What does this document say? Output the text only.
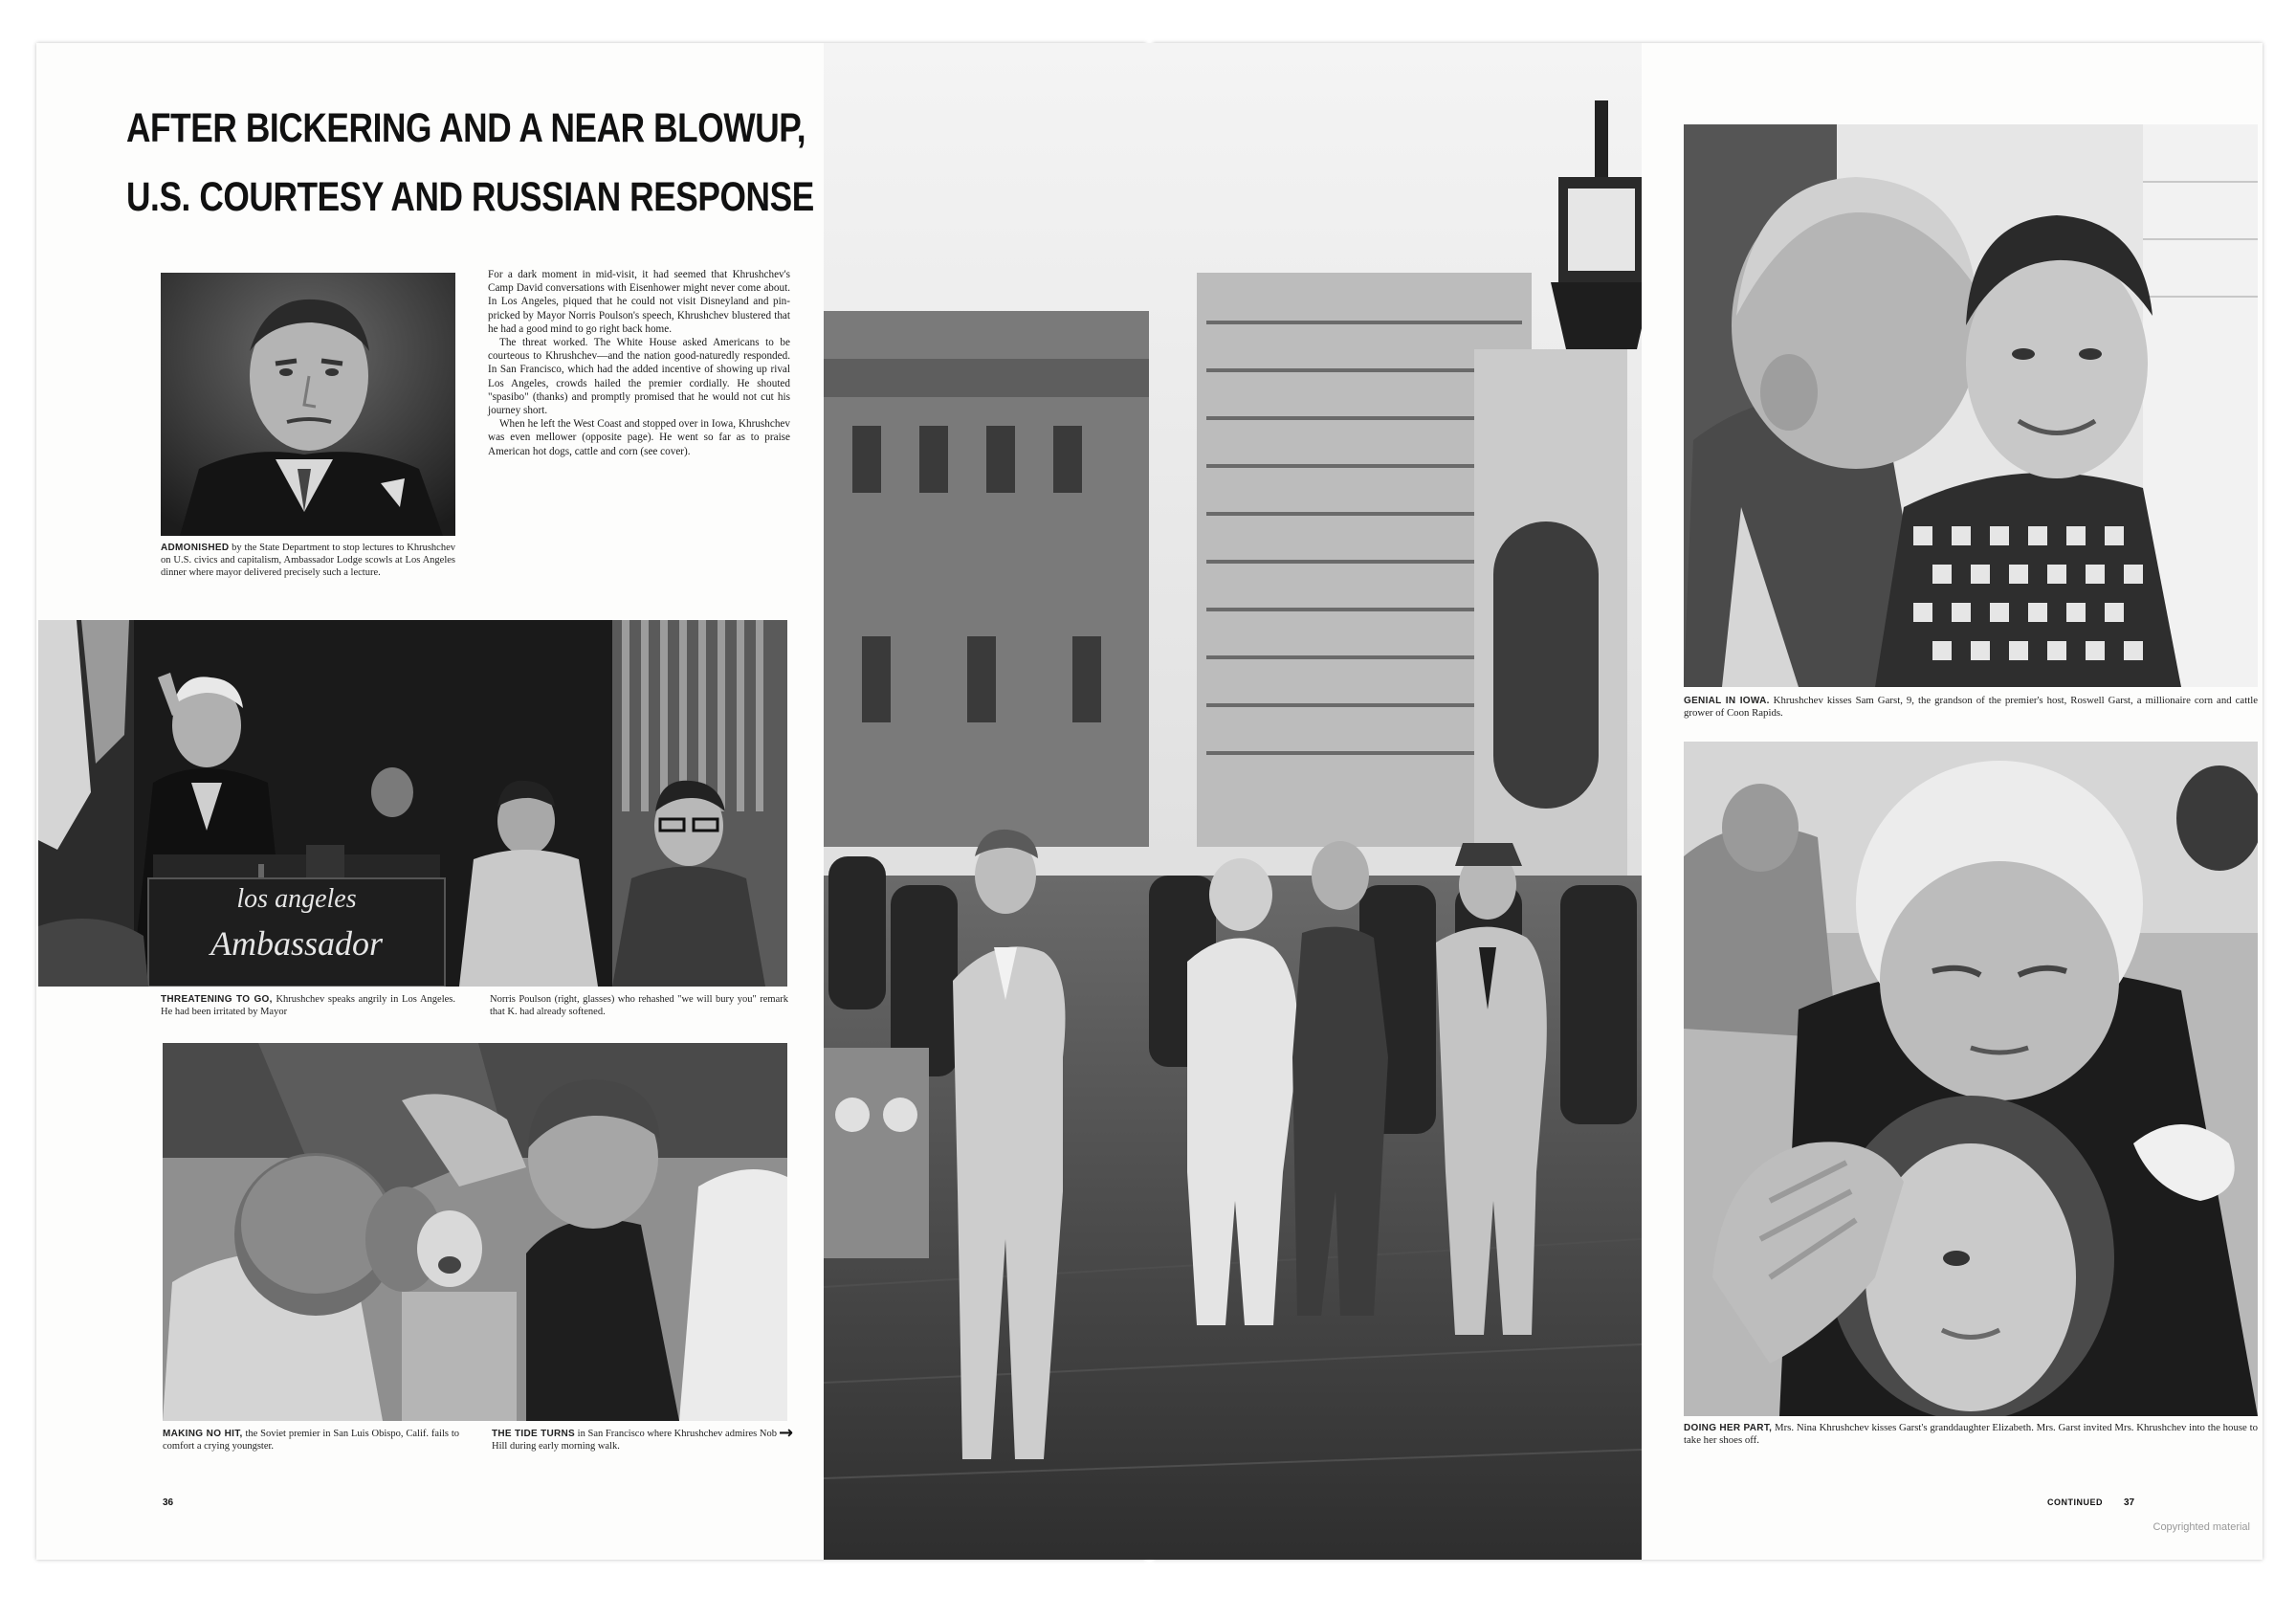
AFTER BICKERING AND A NEAR BLOWUP,
U.S. COURTESY AND RUSSIAN RESPONSE
ADMONISHED by the State Department to stop lectures to Khrushchev on U.S. civics and capitalism, Ambassador Lodge scowls at Los Angeles dinner where mayor delivered precisely such a lecture.

For a dark moment in mid-visit, it had seemed that Khrushchev's Camp David conversations with Eisenhower might never come about. In Los Angeles, piqued that he could not visit Disneyland and pin-pricked by Mayor Norris Poulson's speech, Khrushchev blustered that he had a good mind to go right back home.

The threat worked. The White House asked Americans to be courteous to Khrushchev—and the nation good-naturedly responded. In San Francisco, which had the added incentive of showing up rival Los Angeles, crowds hailed the premier cordially. He shouted "spasibo" (thanks) and promptly promised that he would not cut his journey short.

When he left the West Coast and stopped over in Iowa, Khrushchev was even mellower (opposite page). He went so far as to praise American hot dogs, cattle and corn (see cover).

los angeles
Ambassador
THREATENING TO GO, Khrushchev speaks angrily in Los Angeles. He had been irritated by Mayor
Norris Poulson (right, glasses) who rehashed "we will bury you" remark that K. had already softened.
MAKING NO HIT, the Soviet premier in San Luis Obispo, Calif. fails to comfort a crying youngster.
THE TIDE TURNS in San Francisco where Khrushchev admires Nob Hill during early morning walk.
→
GENIAL IN IOWA. Khrushchev kisses Sam Garst, 9, the grandson of the premier's host, Roswell Garst, a millionaire corn and cattle grower of Coon Rapids.
DOING HER PART, Mrs. Nina Khrushchev kisses Garst's granddaughter Elizabeth. Mrs. Garst invited Mrs. Khrushchev into the house to take her shoes off.
36	CONTINUED 37
Copyrighted material
